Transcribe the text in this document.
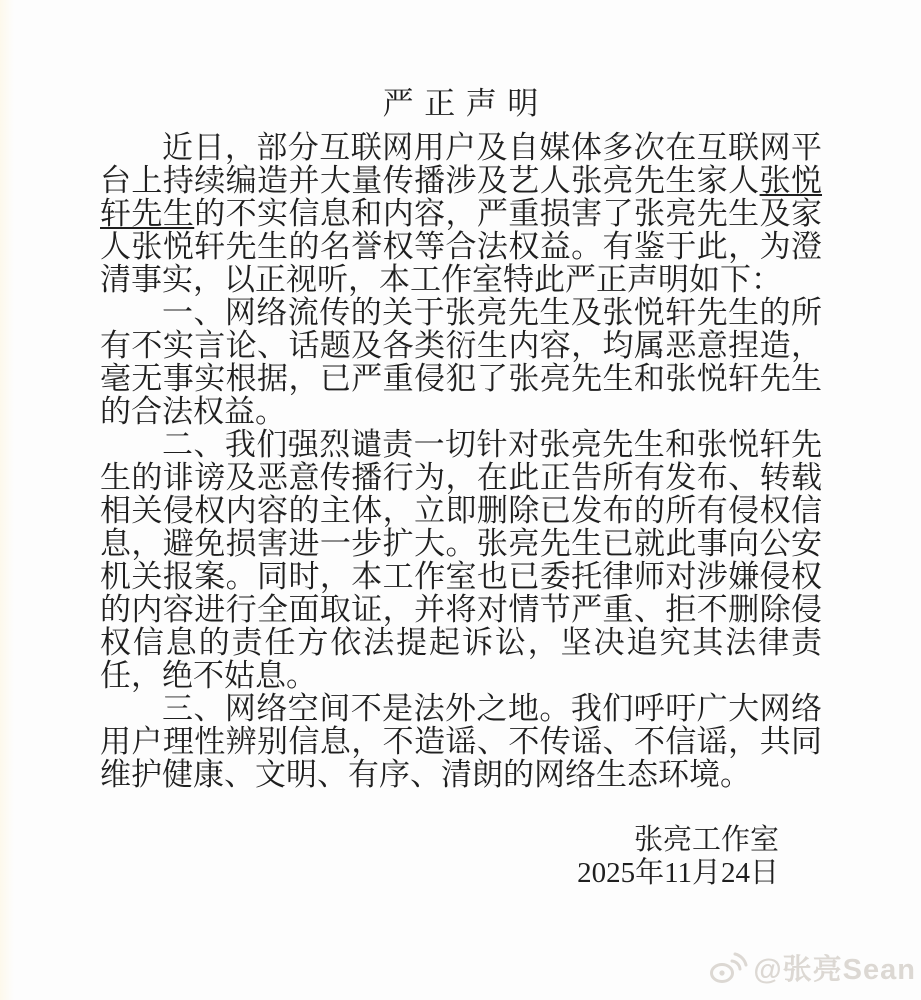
严 正 声 明

近日，部分互联网用户及自媒体多次在互联网平台上持续编造并大量传播涉及艺人张亮先生家人张悦轩先生的不实信息和内容，严重损害了张亮先生及家人张悦轩先生的名誉权等合法权益。有鉴于此，为澄清事实，以正视听，本工作室特此严正声明如下：

一、网络流传的关于张亮先生及张悦轩先生的所有不实言论、话题及各类衍生内容，均属恶意捏造，毫无事实根据，已严重侵犯了张亮先生和张悦轩先生的合法权益。

二、我们强烈谴责一切针对张亮先生和张悦轩先生的诽谤及恶意传播行为，在此正告所有发布、转载相关侵权内容的主体，立即删除已发布的所有侵权信息，避免损害进一步扩大。张亮先生已就此事向公安机关报案。同时，本工作室也已委托律师对涉嫌侵权的内容进行全面取证，并将对情节严重、拒不删除侵权信息的责任方依法提起诉讼，坚决追究其法律责任，绝不姑息。

三、网络空间不是法外之地。我们呼吁广大网络用户理性辨别信息，不造谣、不传谣、不信谣，共同维护健康、文明、有序、清朗的网络生态环境。

张亮工作室
2025年11月24日
@张亮Sean
